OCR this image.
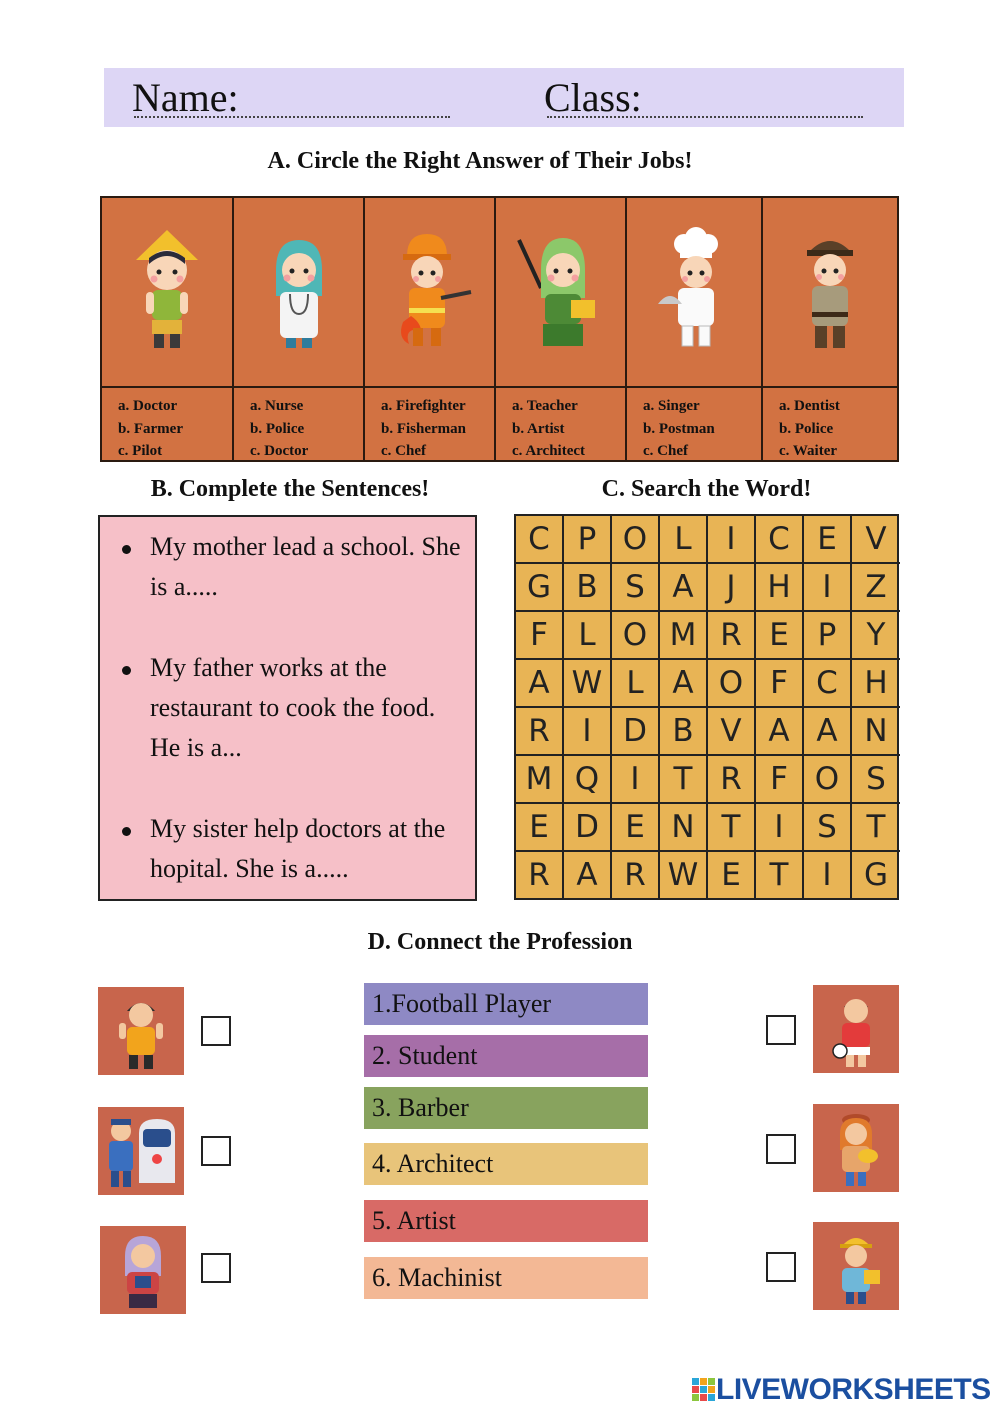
Name:	Class:
A. Circle the Right Answer of Their Jobs!
a. Doctor
b. Farmer
c. Pilot
a. Nurse
b. Police
c. Doctor
a. Firefighter
b. Fisherman
c. Chef
a. Teacher
b. Artist
c. Architect
a. Singer
b. Postman
c. Chef
a. Dentist
b. Police
c. Waiter
B. Complete the Sentences!
My mother lead a school. She is a.....
My father works at the restaurant to cook the food. He is a...
My sister help doctors at the hopital. She is a.....
C. Search the Word!
C P O L	I	C E V
G B S A	J	H	I	Z
F L O M R E P Y
A W L A O F C H
R	I	D B V A A N
M Q	I	T R F O S
E D E N T	I	S T
R A R W E T	I	G
D. Connect the Profession
1.Football Player
2. Student
3. Barber
4. Architect
5. Artist
6. Machinist
LIVEWORKSHEETS
